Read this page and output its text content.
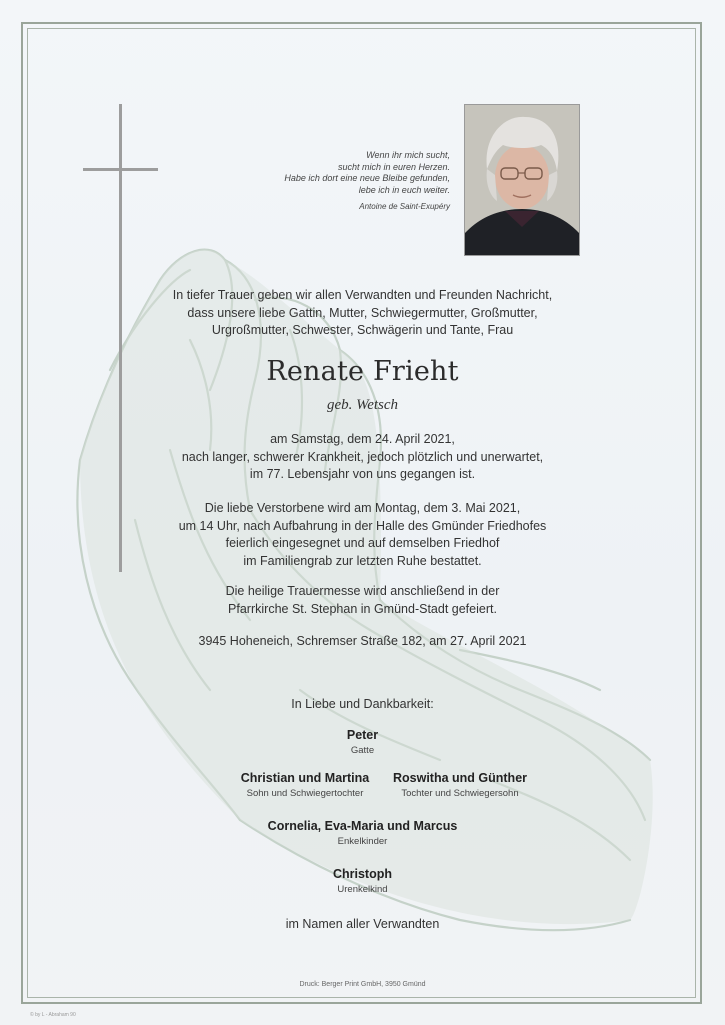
Wenn ihr mich sucht,
sucht mich in euren Herzen.
Habe ich dort eine neue Bleibe gefunden,
lebe ich in euch weiter.
Antoine de Saint-Exupéry
In tiefer Trauer geben wir allen Verwandten und Freunden Nachricht,
dass unsere liebe Gattin, Mutter, Schwiegermutter, Großmutter,
Urgroßmutter, Schwester, Schwägerin und Tante, Frau
Renate Frieht
geb. Wetsch
am Samstag, dem 24. April 2021,
nach langer, schwerer Krankheit, jedoch plötzlich und unerwartet,
im 77. Lebensjahr von uns gegangen ist.
Die liebe Verstorbene wird am Montag, dem 3. Mai 2021,
um 14 Uhr, nach Aufbahrung in der Halle des Gmünder Friedhofes
feierlich eingesegnet und auf demselben Friedhof
im Familiengrab zur letzten Ruhe bestattet.
Die heilige Trauermesse wird anschließend in der
Pfarrkirche St. Stephan in Gmünd-Stadt gefeiert.
3945 Hoheneich, Schremser Straße 182, am 27. April 2021
In Liebe und Dankbarkeit:
Peter
Gatte
Christian und Martina
Sohn und Schwiegertochter
Roswitha und Günther
Tochter und Schwiegersohn
Cornelia, Eva-Maria und Marcus
Enkelkinder
Christoph
Urenkelkind
im Namen aller Verwandten
Druck: Berger Print GmbH, 3950 Gmünd
© by L - Abraham 90
